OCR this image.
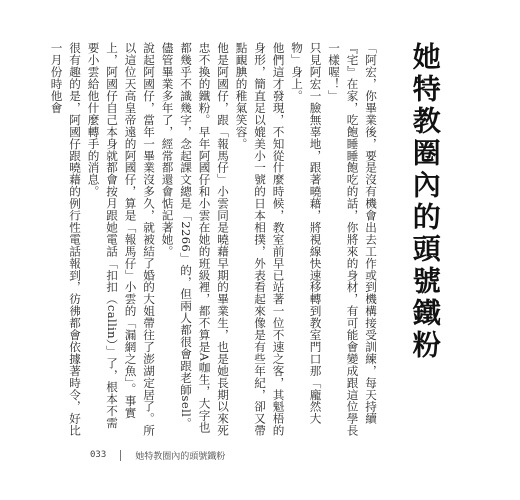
她特教圈內的頭號鐵粉

「阿宏，你畢業後，要是沒有機會出去工作或到機構接受訓練，每天持續『宅』在家，吃飽睡睡飽吃的話，你將來的身材，有可能會變成跟這位學長一樣喔！」

只見阿宏一臉無辜地，跟著曉藉，將視線快速移轉到教室門口那「龐然大物」身上。

他們這才發現，不知從什麼時候，教室前早已站著一位不速之客，其魁梧的身形，簡直足以媲美小一號的日本相撲，外表看起來像是有些年紀，卻又帶點靦腆的稚氣笑容。

他是阿國仔，跟「報馬仔」小雲同是曉藉早期的畢業生，也是她長期以來死忠不換的鐵粉。早年阿國仔和小雲在她的班級裡，都不算是A咖生，大字也都幾乎不識幾字，念起課文總是「2266」的，但兩人都很會跟老師sell。儘管畢業多年了，經常都還會惦記著她。

說起阿國仔，當年一畢業沒多久，就被結了婚的大姐帶往了澎湖定居了。所以這位天高皇帝遠的阿國仔，算是「報馬仔」小雲的「漏網之魚」。事實上，阿國仔自己本身就都會按月跟她電話「扣扣（callin）」了，根本不需要小雲給他什麼轉手的消息。

很有趣的是，阿國仔跟曉藉的例行性電話報到，彷彿都會依據著時令，好比一月份時他會

033	她特教圈內的頭號鐵粉
